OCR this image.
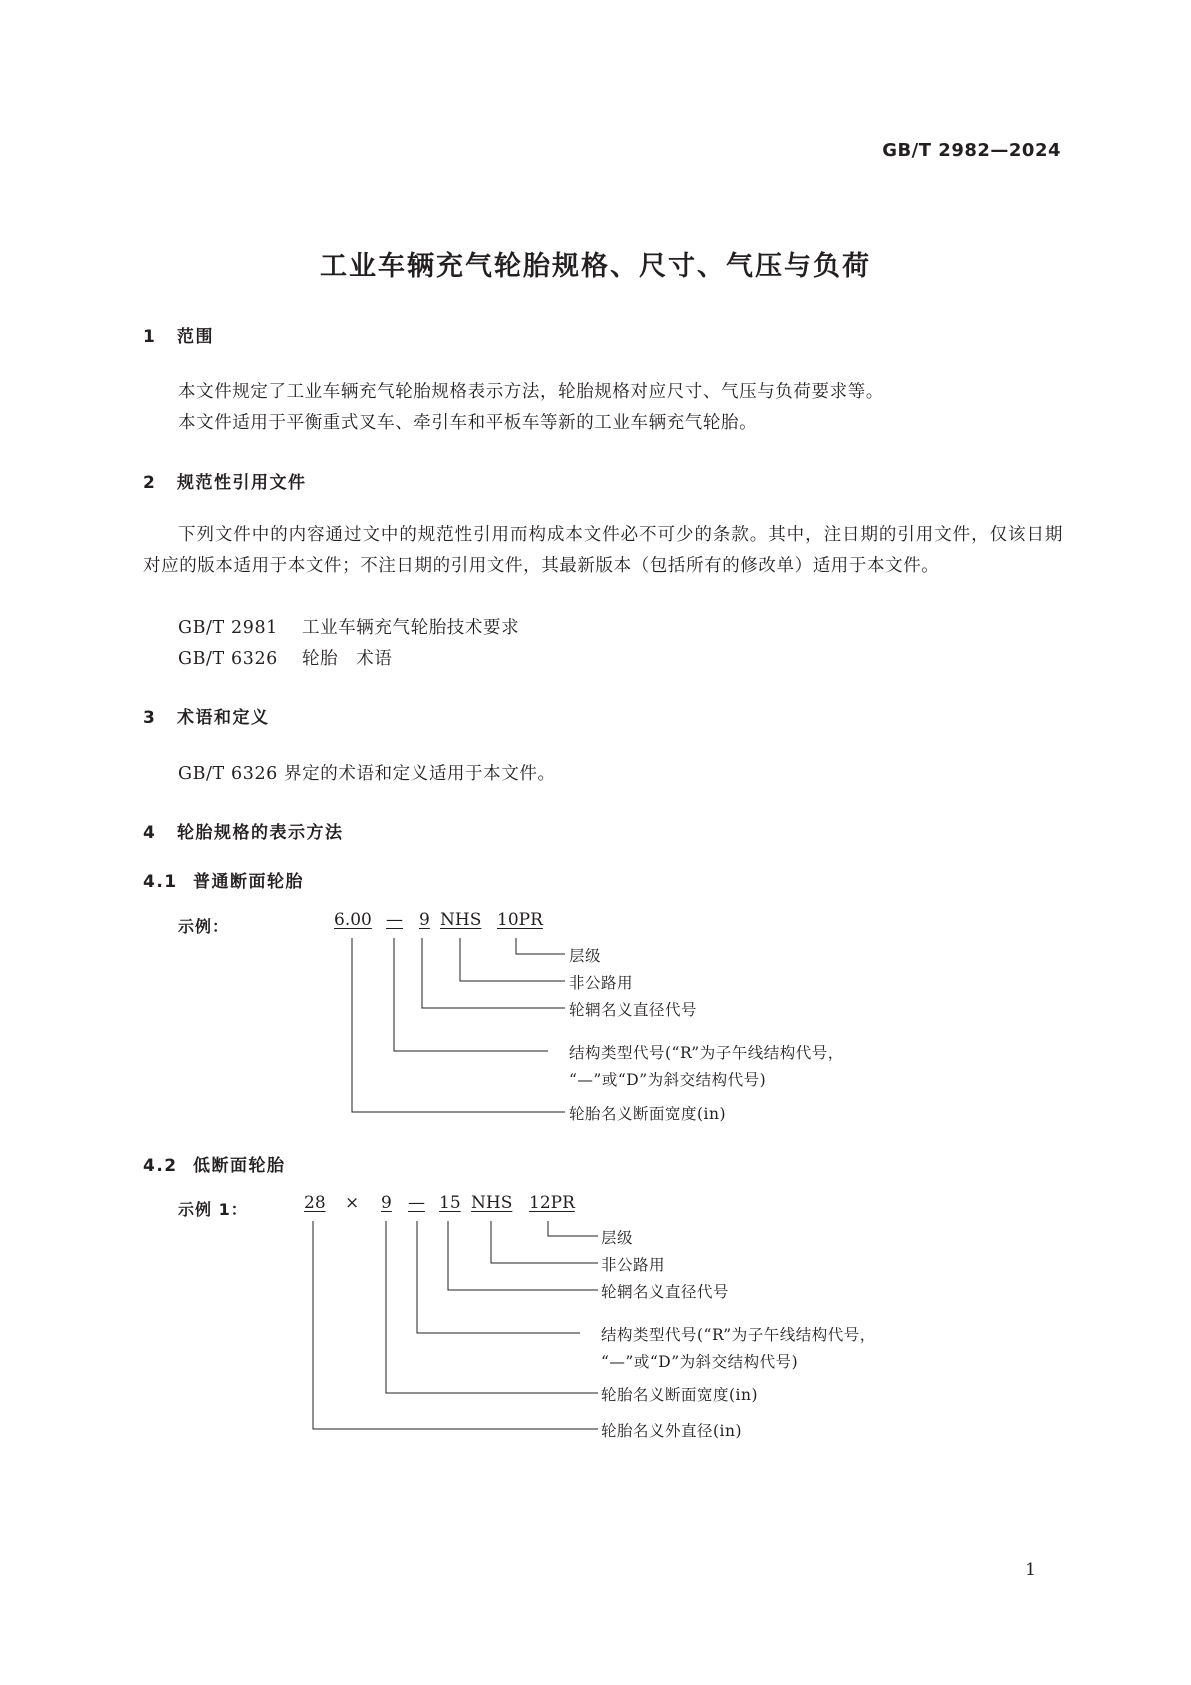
GB/T 2982—2024
工业车辆充气轮胎规格、尺寸、气压与负荷
1 范围
本文件规定了工业车辆充气轮胎规格表示方法，轮胎规格对应尺寸、气压与负荷要求等。
本文件适用于平衡重式叉车、牵引车和平板车等新的工业车辆充气轮胎。
2 规范性引用文件
下列文件中的内容通过文中的规范性引用而构成本文件必不可少的条款。其中，注日期的引用文件，仅该日期对应的版本适用于本文件；不注日期的引用文件，其最新版本（包括所有的修改单）适用于本文件。
GB/T 2981 工业车辆充气轮胎技术要求
GB/T 6326 轮胎　术语
3 术语和定义
GB/T 6326 界定的术语和定义适用于本文件。
4 轮胎规格的表示方法
4.1 普通断面轮胎
示例：	6.00 — 9 NHS 10PR
层级
非公路用
轮辋名义直径代号
结构类型代号(“R”为子午线结构代号，
“—”或“D”为斜交结构代号)
轮胎名义断面宽度(in)
4.2 低断面轮胎
示例 1：	28 × 9 — 15 NHS 12PR
层级
非公路用
轮辋名义直径代号
结构类型代号(“R”为子午线结构代号，
“—”或“D”为斜交结构代号)
轮胎名义断面宽度(in)
轮胎名义外直径(in)
1
